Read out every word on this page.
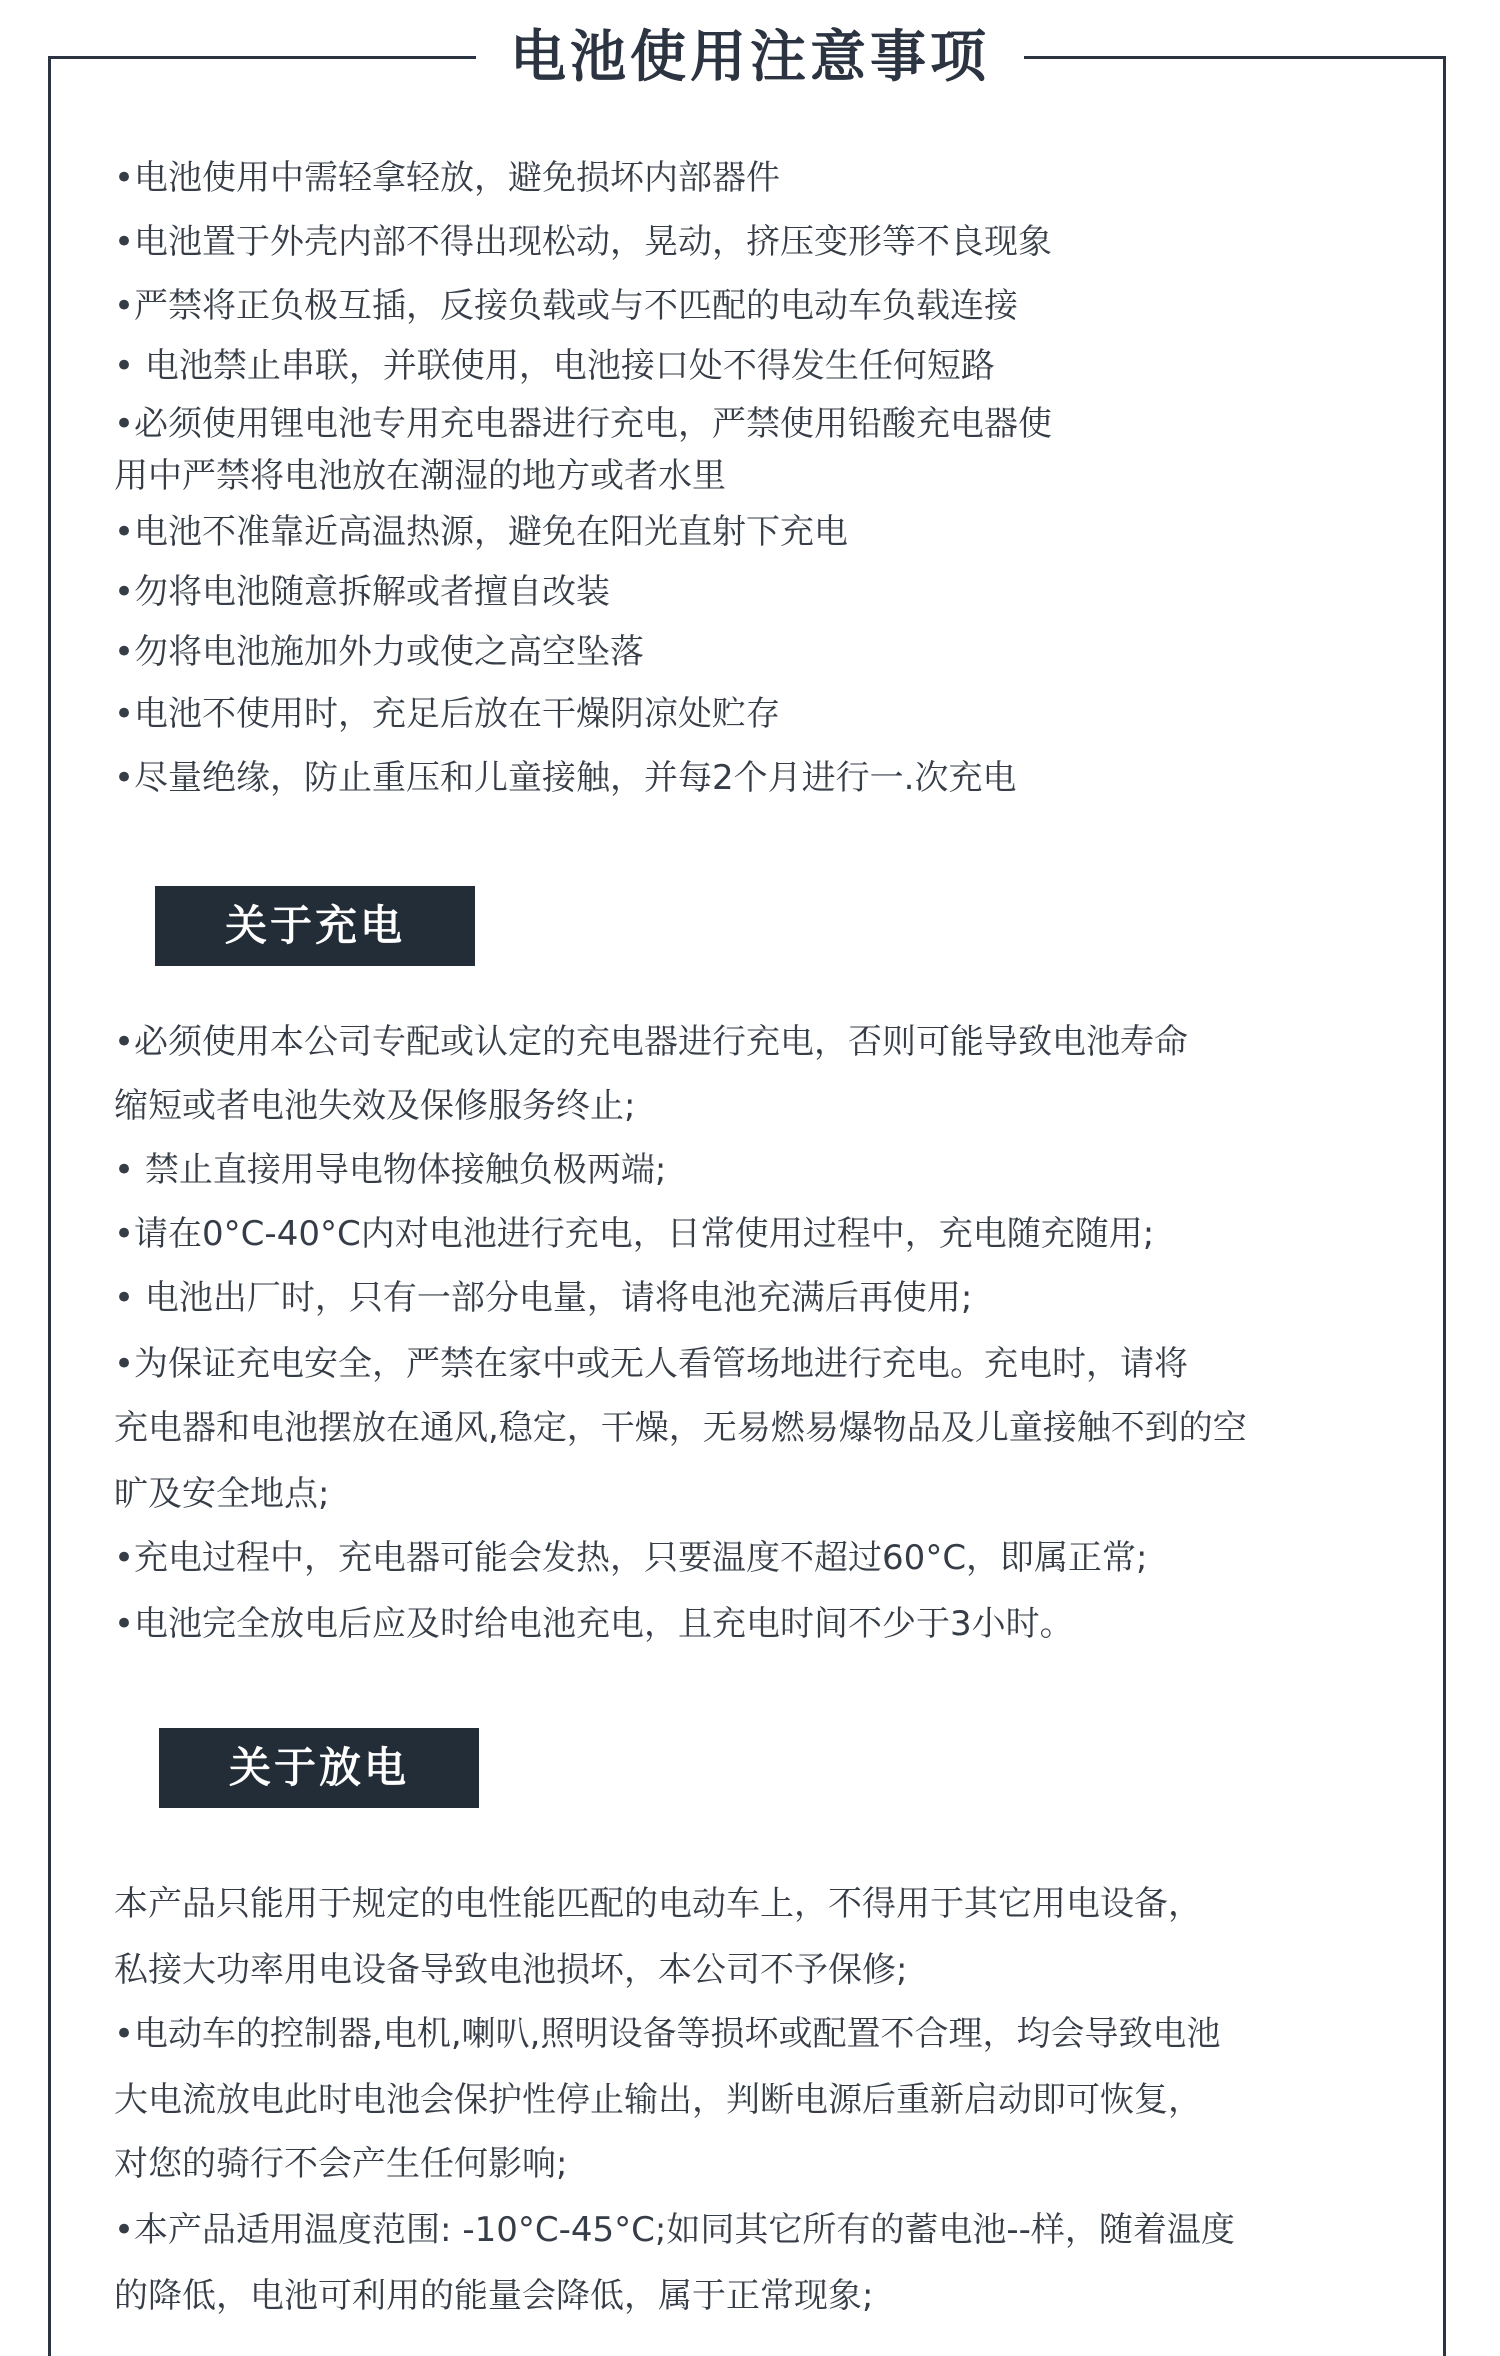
电池使用注意事项
•电池使用中需轻拿轻放，避免损坏内部器件
•电池置于外壳内部不得出现松动，晃动，挤压变形等不良现象
•严禁将正负极互插，反接负载或与不匹配的电动车负载连接
• 电池禁止串联，并联使用，电池接口处不得发生任何短路
•必须使用锂电池专用充电器进行充电，严禁使用铅酸充电器使
用中严禁将电池放在潮湿的地方或者水里
•电池不准靠近高温热源，避免在阳光直射下充电
•勿将电池随意拆解或者擅自改装
•勿将电池施加外力或使之高空坠落
•电池不使用时，充足后放在干燥阴凉处贮存
•尽量绝缘，防止重压和儿童接触，并每2个月进行一.次充电
关于充电
•必须使用本公司专配或认定的充电器进行充电，否则可能导致电池寿命
缩短或者电池失效及保修服务终止;
• 禁止直接用导电物体接触负极两端;
•请在0°C-40°C内对电池进行充电，日常使用过程中，充电随充随用;
• 电池出厂时，只有一部分电量，请将电池充满后再使用;
•为保证充电安全，严禁在家中或无人看管场地进行充电。充电时，请将
充电器和电池摆放在通风,稳定，干燥，无易燃易爆物品及儿童接触不到的空
旷及安全地点;
•充电过程中，充电器可能会发热，只要温度不超过60°C，即属正常;
•电池完全放电后应及时给电池充电，且充电时间不少于3小时。
关于放电
本产品只能用于规定的电性能匹配的电动车上，不得用于其它用电设备，
私接大功率用电设备导致电池损坏，本公司不予保修;
•电动车的控制器,电机,喇叭,照明设备等损坏或配置不合理，均会导致电池
大电流放电此时电池会保护性停止输出，判断电源后重新启动即可恢复，
对您的骑行不会产生任何影响;
•本产品适用温度范围: -10°C-45°C;如同其它所有的蓄电池--样，随着温度
的降低，电池可利用的能量会降低，属于正常现象;
